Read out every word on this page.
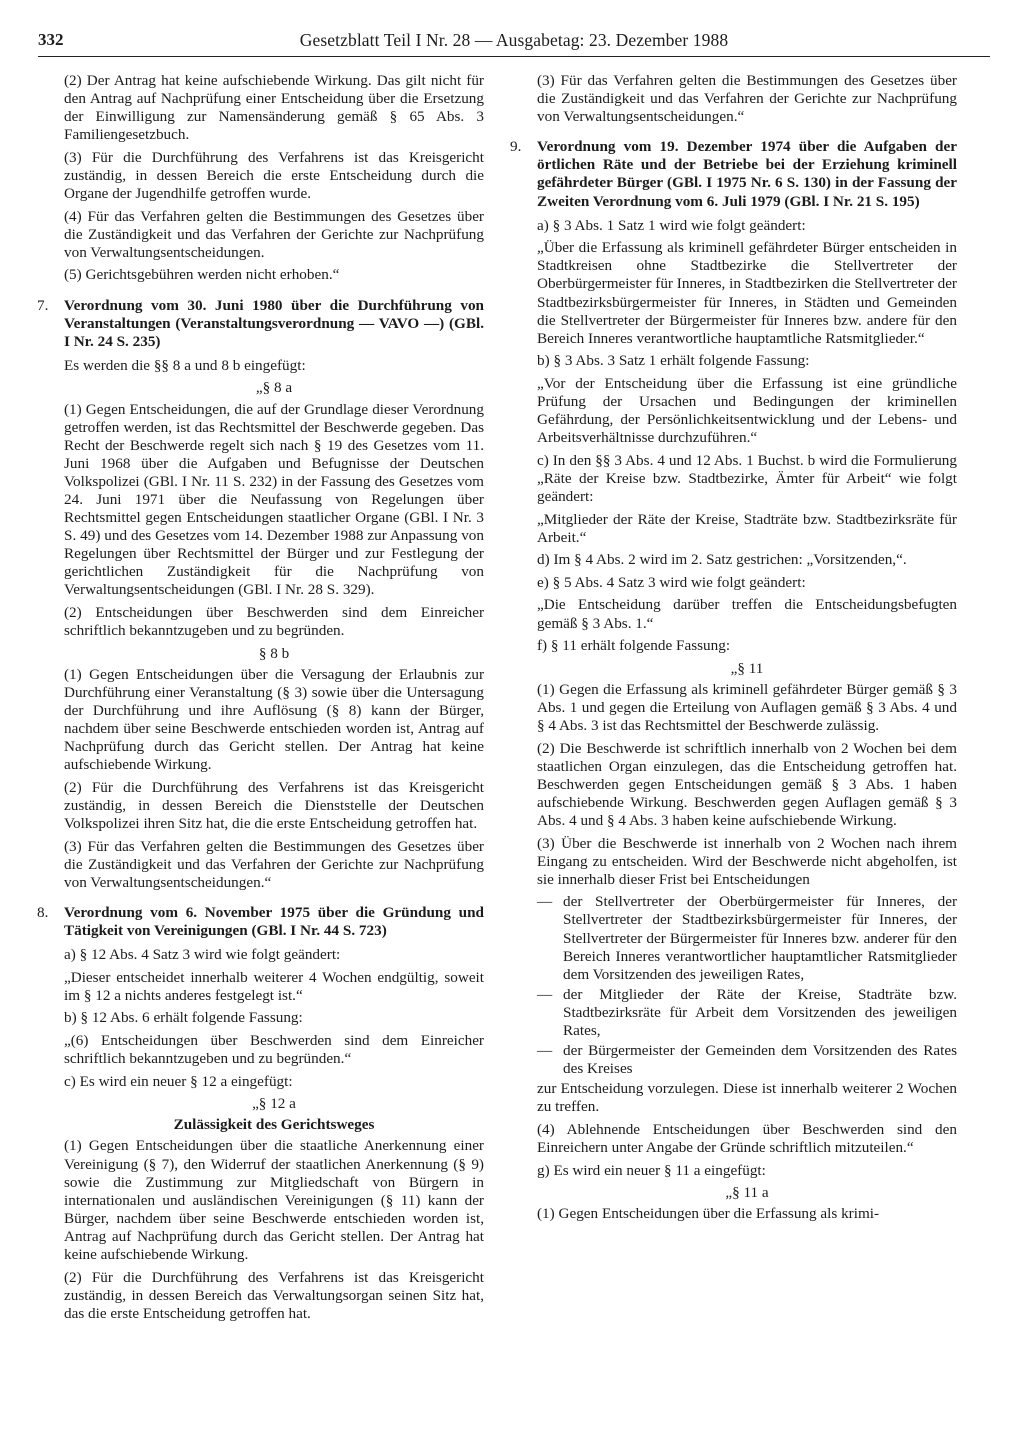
332	Gesetzblatt Teil I Nr. 28 — Ausgabetag: 23. Dezember 1988

(2) Der Antrag hat keine aufschiebende Wirkung. Das gilt nicht für den Antrag auf Nachprüfung einer Entscheidung über die Ersetzung der Einwilligung zur Namensänderung gemäß § 65 Abs. 3 Familiengesetzbuch.

(3) Für die Durchführung des Verfahrens ist das Kreisgericht zuständig, in dessen Bereich die erste Entscheidung durch die Organe der Jugendhilfe getroffen wurde.

(4) Für das Verfahren gelten die Bestimmungen des Gesetzes über die Zuständigkeit und das Verfahren der Gerichte zur Nachprüfung von Verwaltungsentscheidungen.

(5) Gerichtsgebühren werden nicht erhoben.“

7.	Verordnung vom 30. Juni 1980 über die Durchführung von Veranstaltungen (Veranstaltungsverordnung — VAVO —) (GBl. I Nr. 24 S. 235)

Es werden die §§ 8 a und 8 b eingefügt:

„§ 8 a

(1) Gegen Entscheidungen, die auf der Grundlage dieser Verordnung getroffen werden, ist das Rechtsmittel der Beschwerde gegeben. Das Recht der Beschwerde regelt sich nach § 19 des Gesetzes vom 11. Juni 1968 über die Aufgaben und Befugnisse der Deutschen Volkspolizei (GBl. I Nr. 11 S. 232) in der Fassung des Gesetzes vom 24. Juni 1971 über die Neufassung von Regelungen über Rechtsmittel gegen Entscheidungen staatlicher Organe (GBl. I Nr. 3 S. 49) und des Gesetzes vom 14. Dezember 1988 zur Anpassung von Regelungen über Rechtsmittel der Bürger und zur Festlegung der gerichtlichen Zuständigkeit für die Nachprüfung von Verwaltungsentscheidungen (GBl. I Nr. 28 S. 329).

(2) Entscheidungen über Beschwerden sind dem Einreicher schriftlich bekanntzugeben und zu begründen.

§ 8 b

(1) Gegen Entscheidungen über die Versagung der Erlaubnis zur Durchführung einer Veranstaltung (§ 3) sowie über die Untersagung der Durchführung und ihre Auflösung (§ 8) kann der Bürger, nachdem über seine Beschwerde entschieden worden ist, Antrag auf Nachprüfung durch das Gericht stellen. Der Antrag hat keine aufschiebende Wirkung.

(2) Für die Durchführung des Verfahrens ist das Kreisgericht zuständig, in dessen Bereich die Dienststelle der Deutschen Volkspolizei ihren Sitz hat, die die erste Entscheidung getroffen hat.

(3) Für das Verfahren gelten die Bestimmungen des Gesetzes über die Zuständigkeit und das Verfahren der Gerichte zur Nachprüfung von Verwaltungsentscheidungen.“

8.	Verordnung vom 6. November 1975 über die Gründung und Tätigkeit von Vereinigungen (GBl. I Nr. 44 S. 723)

a) § 12 Abs. 4 Satz 3 wird wie folgt geändert:

„Dieser entscheidet innerhalb weiterer 4 Wochen endgültig, soweit im § 12 a nichts anderes festgelegt ist.“

b) § 12 Abs. 6 erhält folgende Fassung:

„(6) Entscheidungen über Beschwerden sind dem Einreicher schriftlich bekanntzugeben und zu begründen.“

c) Es wird ein neuer § 12 a eingefügt:

„§ 12 a

Zulässigkeit des Gerichtsweges

(1) Gegen Entscheidungen über die staatliche Anerkennung einer Vereinigung (§ 7), den Widerruf der staatlichen Anerkennung (§ 9) sowie die Zustimmung zur Mitgliedschaft von Bürgern in internationalen und ausländischen Vereinigungen (§ 11) kann der Bürger, nachdem über seine Beschwerde entschieden worden ist, Antrag auf Nachprüfung durch das Gericht stellen. Der Antrag hat keine aufschiebende Wirkung.

(2) Für die Durchführung des Verfahrens ist das Kreisgericht zuständig, in dessen Bereich das Verwaltungsorgan seinen Sitz hat, das die erste Entscheidung getroffen hat.

(3) Für das Verfahren gelten die Bestimmungen des Gesetzes über die Zuständigkeit und das Verfahren der Gerichte zur Nachprüfung von Verwaltungsentscheidungen.“

9.	Verordnung vom 19. Dezember 1974 über die Aufgaben der örtlichen Räte und der Betriebe bei der Erziehung kriminell gefährdeter Bürger (GBl. I 1975 Nr. 6 S. 130) in der Fassung der Zweiten Verordnung vom 6. Juli 1979 (GBl. I Nr. 21 S. 195)

a) § 3 Abs. 1 Satz 1 wird wie folgt geändert:

„Über die Erfassung als kriminell gefährdeter Bürger entscheiden in Stadtkreisen ohne Stadtbezirke die Stellvertreter der Oberbürgermeister für Inneres, in Stadtbezirken die Stellvertreter der Stadtbezirksbürgermeister für Inneres, in Städten und Gemeinden die Stellvertreter der Bürgermeister für Inneres bzw. andere für den Bereich Inneres verantwortliche hauptamtliche Ratsmitglieder.“

b) § 3 Abs. 3 Satz 1 erhält folgende Fassung:

„Vor der Entscheidung über die Erfassung ist eine gründliche Prüfung der Ursachen und Bedingungen der kriminellen Gefährdung, der Persönlichkeitsentwicklung und der Lebens- und Arbeitsverhältnisse durchzuführen.“

c) In den §§ 3 Abs. 4 und 12 Abs. 1 Buchst. b wird die Formulierung „Räte der Kreise bzw. Stadtbezirke, Ämter für Arbeit“ wie folgt geändert:

„Mitglieder der Räte der Kreise, Stadträte bzw. Stadtbezirksräte für Arbeit.“

d) Im § 4 Abs. 2 wird im 2. Satz gestrichen: „Vorsitzenden,“.

e) § 5 Abs. 4 Satz 3 wird wie folgt geändert:

„Die Entscheidung darüber treffen die Entscheidungsbefugten gemäß § 3 Abs. 1.“

f) § 11 erhält folgende Fassung:

„§ 11

(1) Gegen die Erfassung als kriminell gefährdeter Bürger gemäß § 3 Abs. 1 und gegen die Erteilung von Auflagen gemäß § 3 Abs. 4 und § 4 Abs. 3 ist das Rechtsmittel der Beschwerde zulässig.

(2) Die Beschwerde ist schriftlich innerhalb von 2 Wochen bei dem staatlichen Organ einzulegen, das die Entscheidung getroffen hat. Beschwerden gegen Entscheidungen gemäß § 3 Abs. 1 haben aufschiebende Wirkung. Beschwerden gegen Auflagen gemäß § 3 Abs. 4 und § 4 Abs. 3 haben keine aufschiebende Wirkung.

(3) Über die Beschwerde ist innerhalb von 2 Wochen nach ihrem Eingang zu entscheiden. Wird der Beschwerde nicht abgeholfen, ist sie innerhalb dieser Frist bei Entscheidungen

— der Stellvertreter der Oberbürgermeister für Inneres, der Stellvertreter der Stadtbezirksbürgermeister für Inneres, der Stellvertreter der Bürgermeister für Inneres bzw. anderer für den Bereich Inneres verantwortlicher hauptamtlicher Ratsmitglieder dem Vorsitzenden des jeweiligen Rates,
— der Mitglieder der Räte der Kreise, Stadträte bzw. Stadtbezirksräte für Arbeit dem Vorsitzenden des jeweiligen Rates,
— der Bürgermeister der Gemeinden dem Vorsitzenden des Rates des Kreises

zur Entscheidung vorzulegen. Diese ist innerhalb weiterer 2 Wochen zu treffen.

(4) Ablehnende Entscheidungen über Beschwerden sind den Einreichern unter Angabe der Gründe schriftlich mitzuteilen.“

g) Es wird ein neuer § 11 a eingefügt:

„§ 11 a

(1) Gegen Entscheidungen über die Erfassung als krimi-
